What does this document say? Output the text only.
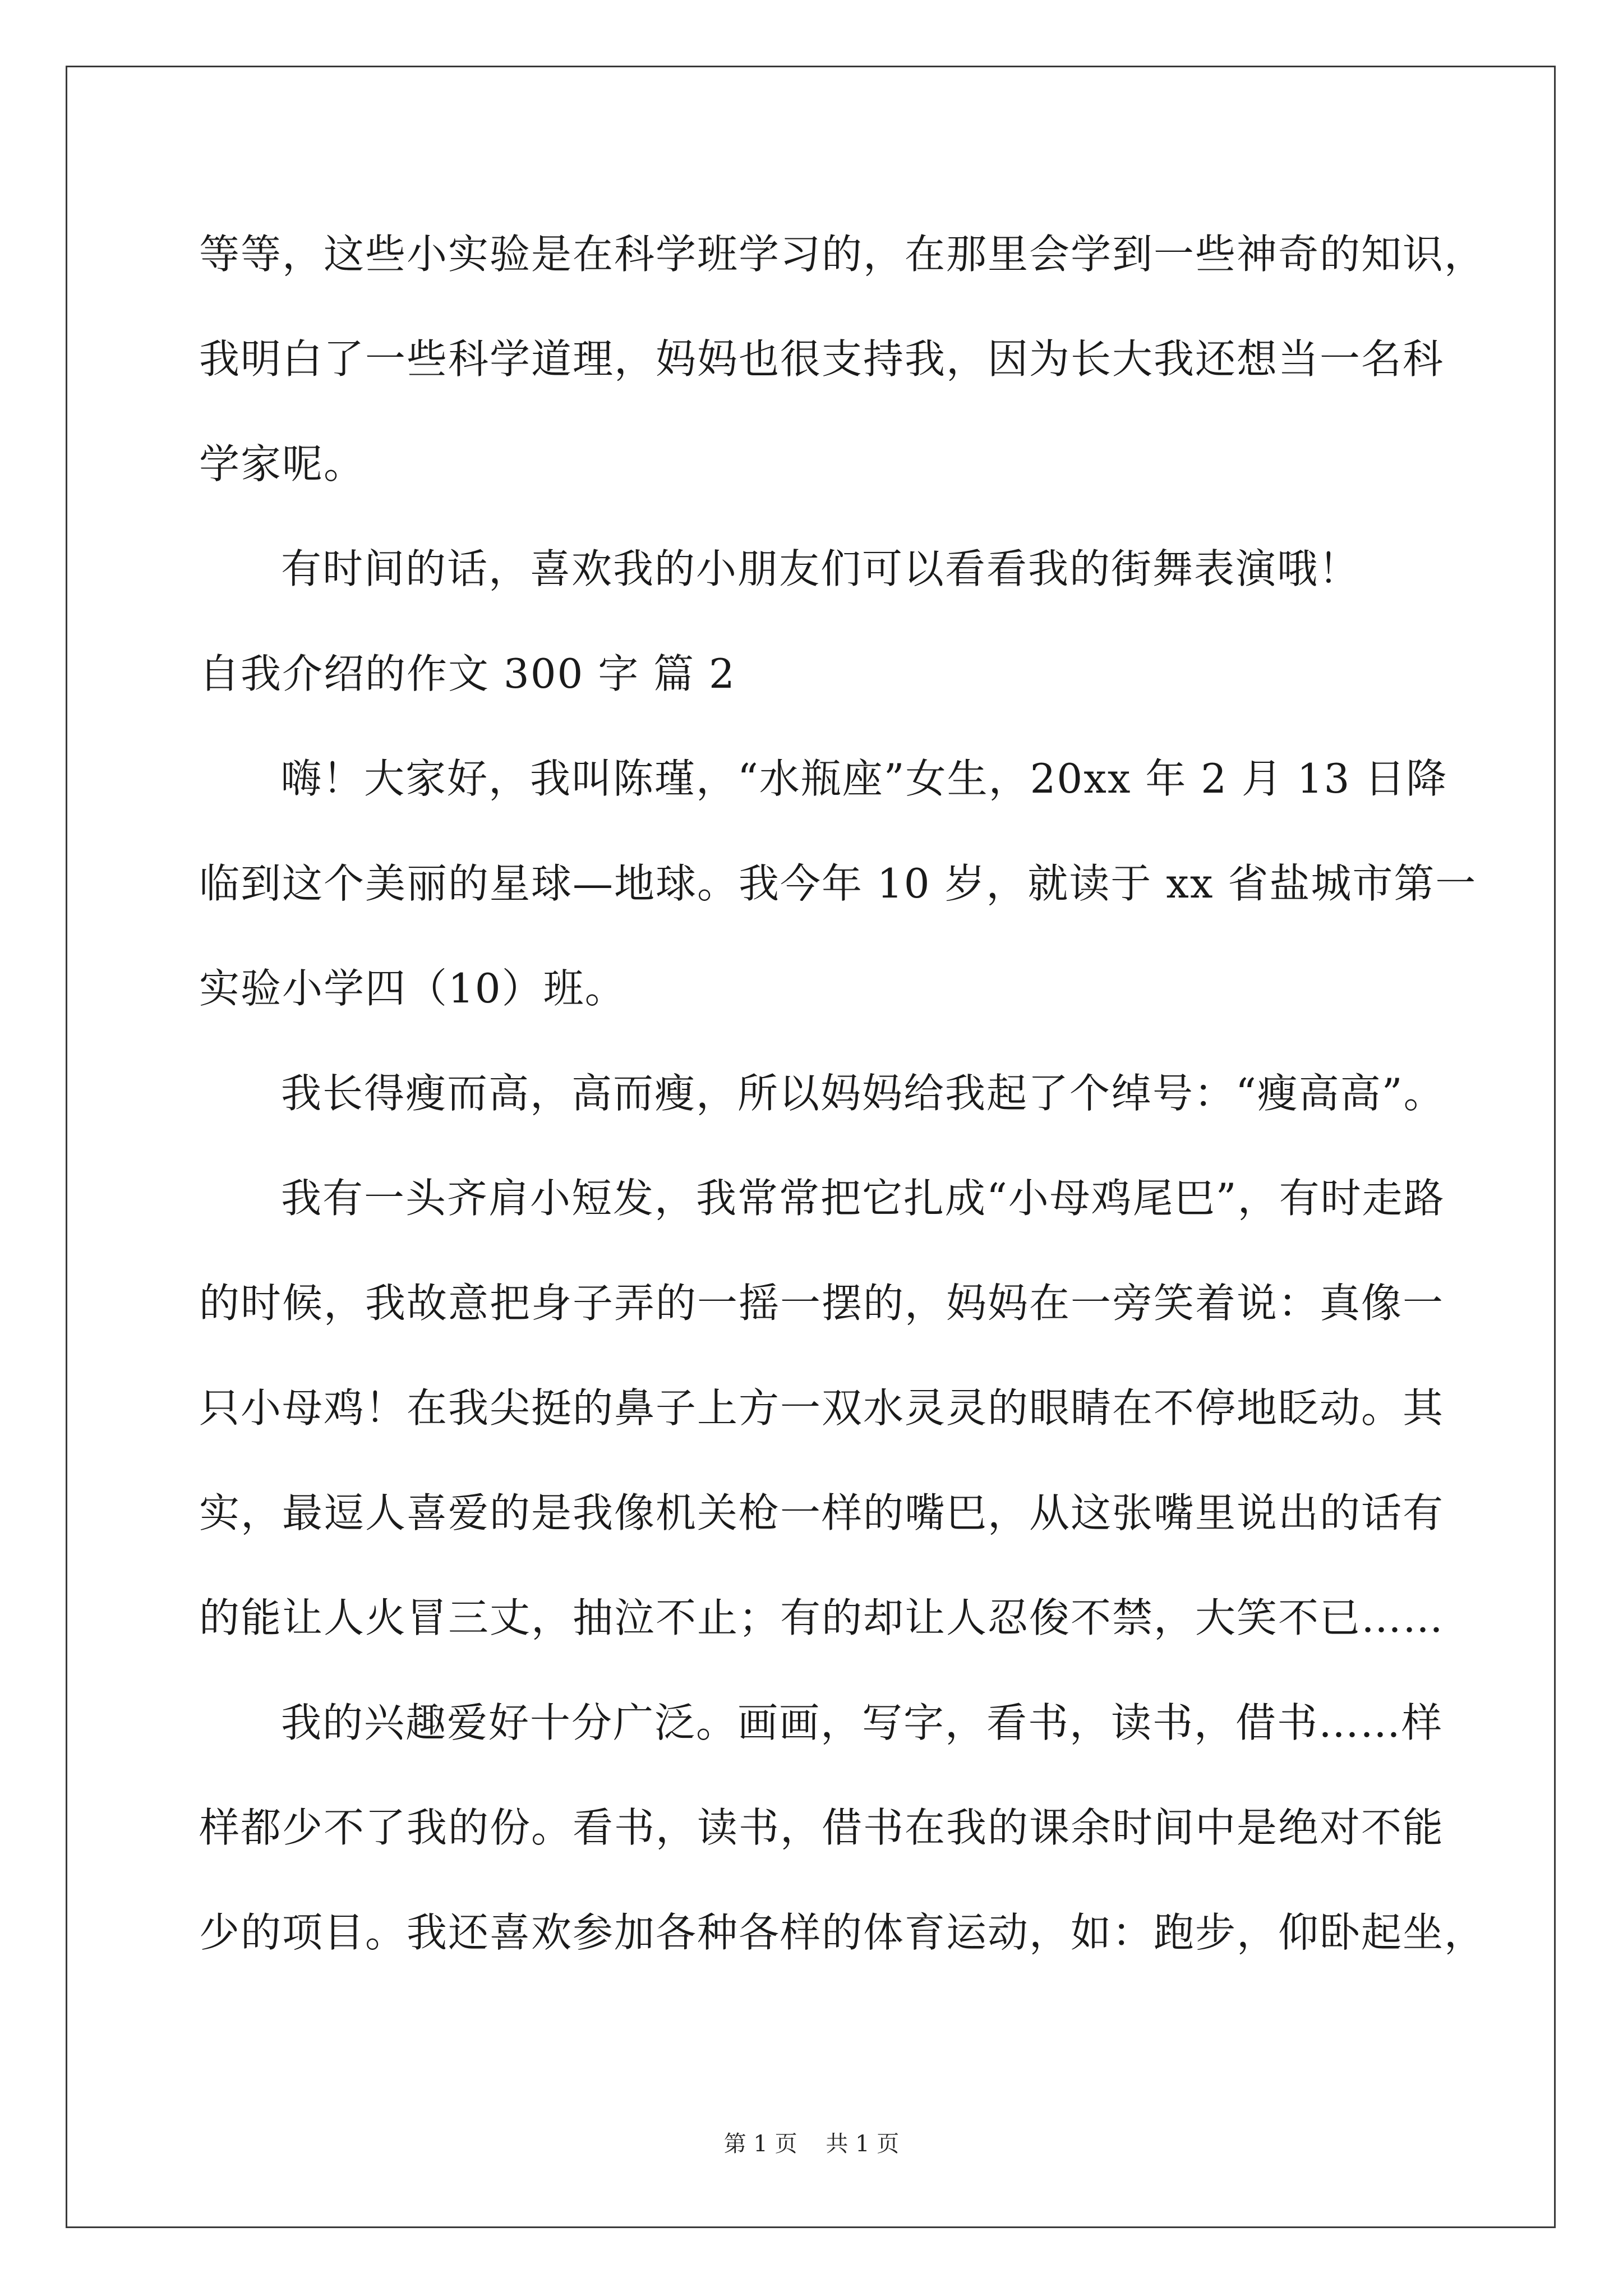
等等，这些小实验是在科学班学习的，在那里会学到一些神奇的知识，
我明白了一些科学道理，妈妈也很支持我，因为长大我还想当一名科
学家呢。
有时间的话，喜欢我的小朋友们可以看看我的街舞表演哦！
自我介绍的作文 300 字 篇 2
嗨！大家好，我叫陈瑾，“水瓶座”女生，20xx 年 2 月 13 日降
临到这个美丽的星球—地球。我今年 10 岁，就读于 xx 省盐城市第一
实验小学四（10）班。
我长得瘦而高，高而瘦，所以妈妈给我起了个绰号：“瘦高高”。
我有一头齐肩小短发，我常常把它扎成“小母鸡尾巴”，有时走路
的时候，我故意把身子弄的一摇一摆的，妈妈在一旁笑着说：真像一
只小母鸡！在我尖挺的鼻子上方一双水灵灵的眼睛在不停地眨动。其
实，最逗人喜爱的是我像机关枪一样的嘴巴，从这张嘴里说出的话有
的能让人火冒三丈，抽泣不止；有的却让人忍俊不禁，大笑不已……
我的兴趣爱好十分广泛。画画，写字，看书，读书，借书……样
样都少不了我的份。看书，读书，借书在我的课余时间中是绝对不能
少的项目。我还喜欢参加各种各样的体育运动，如：跑步，仰卧起坐，
第 1 页    共 1 页
